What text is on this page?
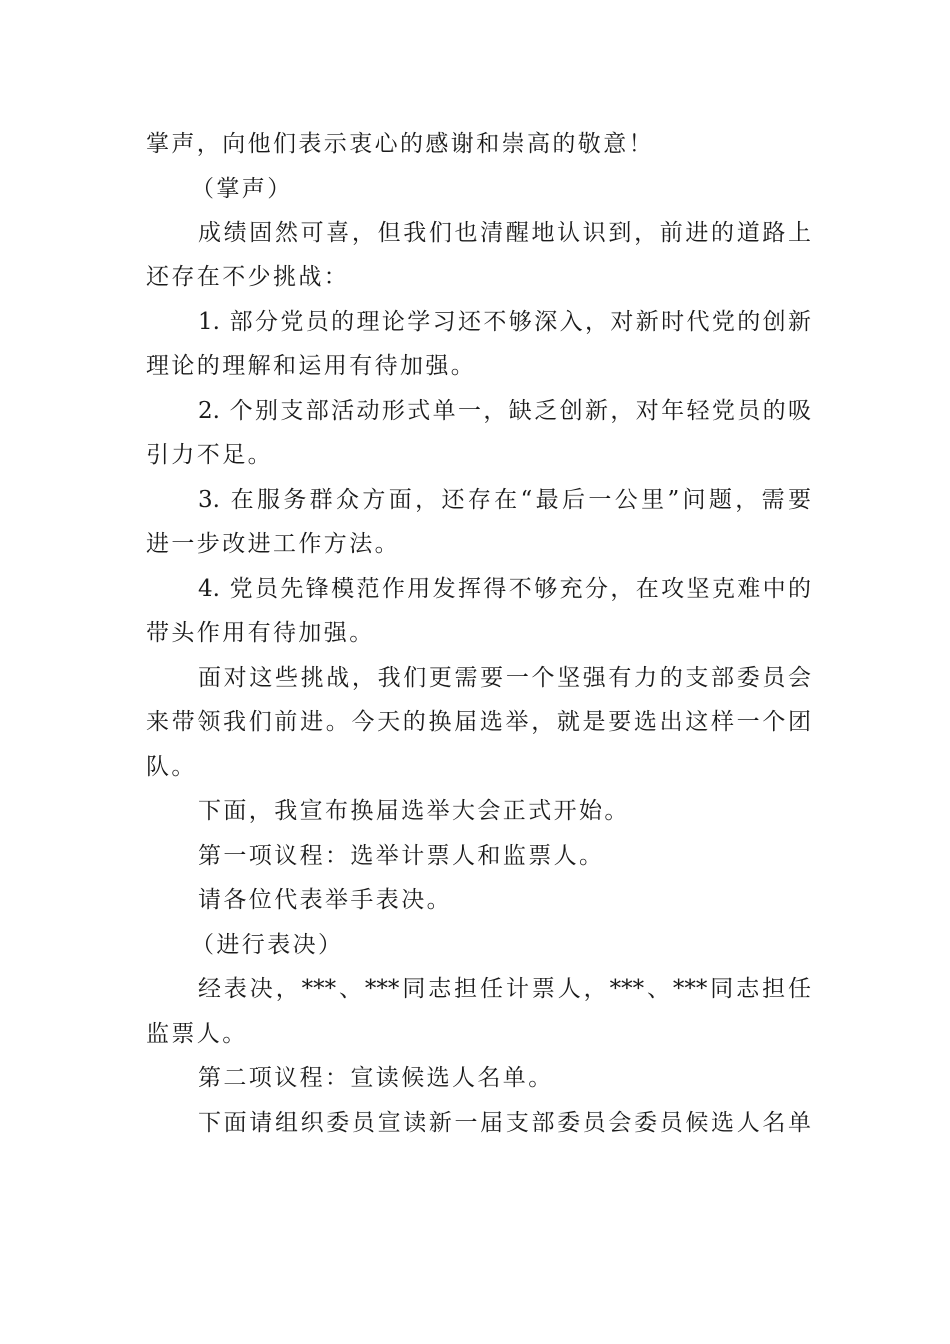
掌声，向他们表示衷心的感谢和崇高的敬意！
（掌声）
成绩固然可喜，但我们也清醒地认识到，前进的道路上
还存在不少挑战：
1. 部分党员的理论学习还不够深入，对新时代党的创新
理论的理解和运用有待加强。
2. 个别支部活动形式单一，缺乏创新，对年轻党员的吸
引力不足。
3. 在服务群众方面，还存在“最后一公里”问题，需要
进一步改进工作方法。
4. 党员先锋模范作用发挥得不够充分，在攻坚克难中的
带头作用有待加强。
面对这些挑战，我们更需要一个坚强有力的支部委员会
来带领我们前进。今天的换届选举，就是要选出这样一个团
队。
下面，我宣布换届选举大会正式开始。
第一项议程：选举计票人和监票人。
请各位代表举手表决。
（进行表决）
经表决，***、***同志担任计票人，***、***同志担任
监票人。
第二项议程：宣读候选人名单。
下面请组织委员宣读新一届支部委员会委员候选人名单
